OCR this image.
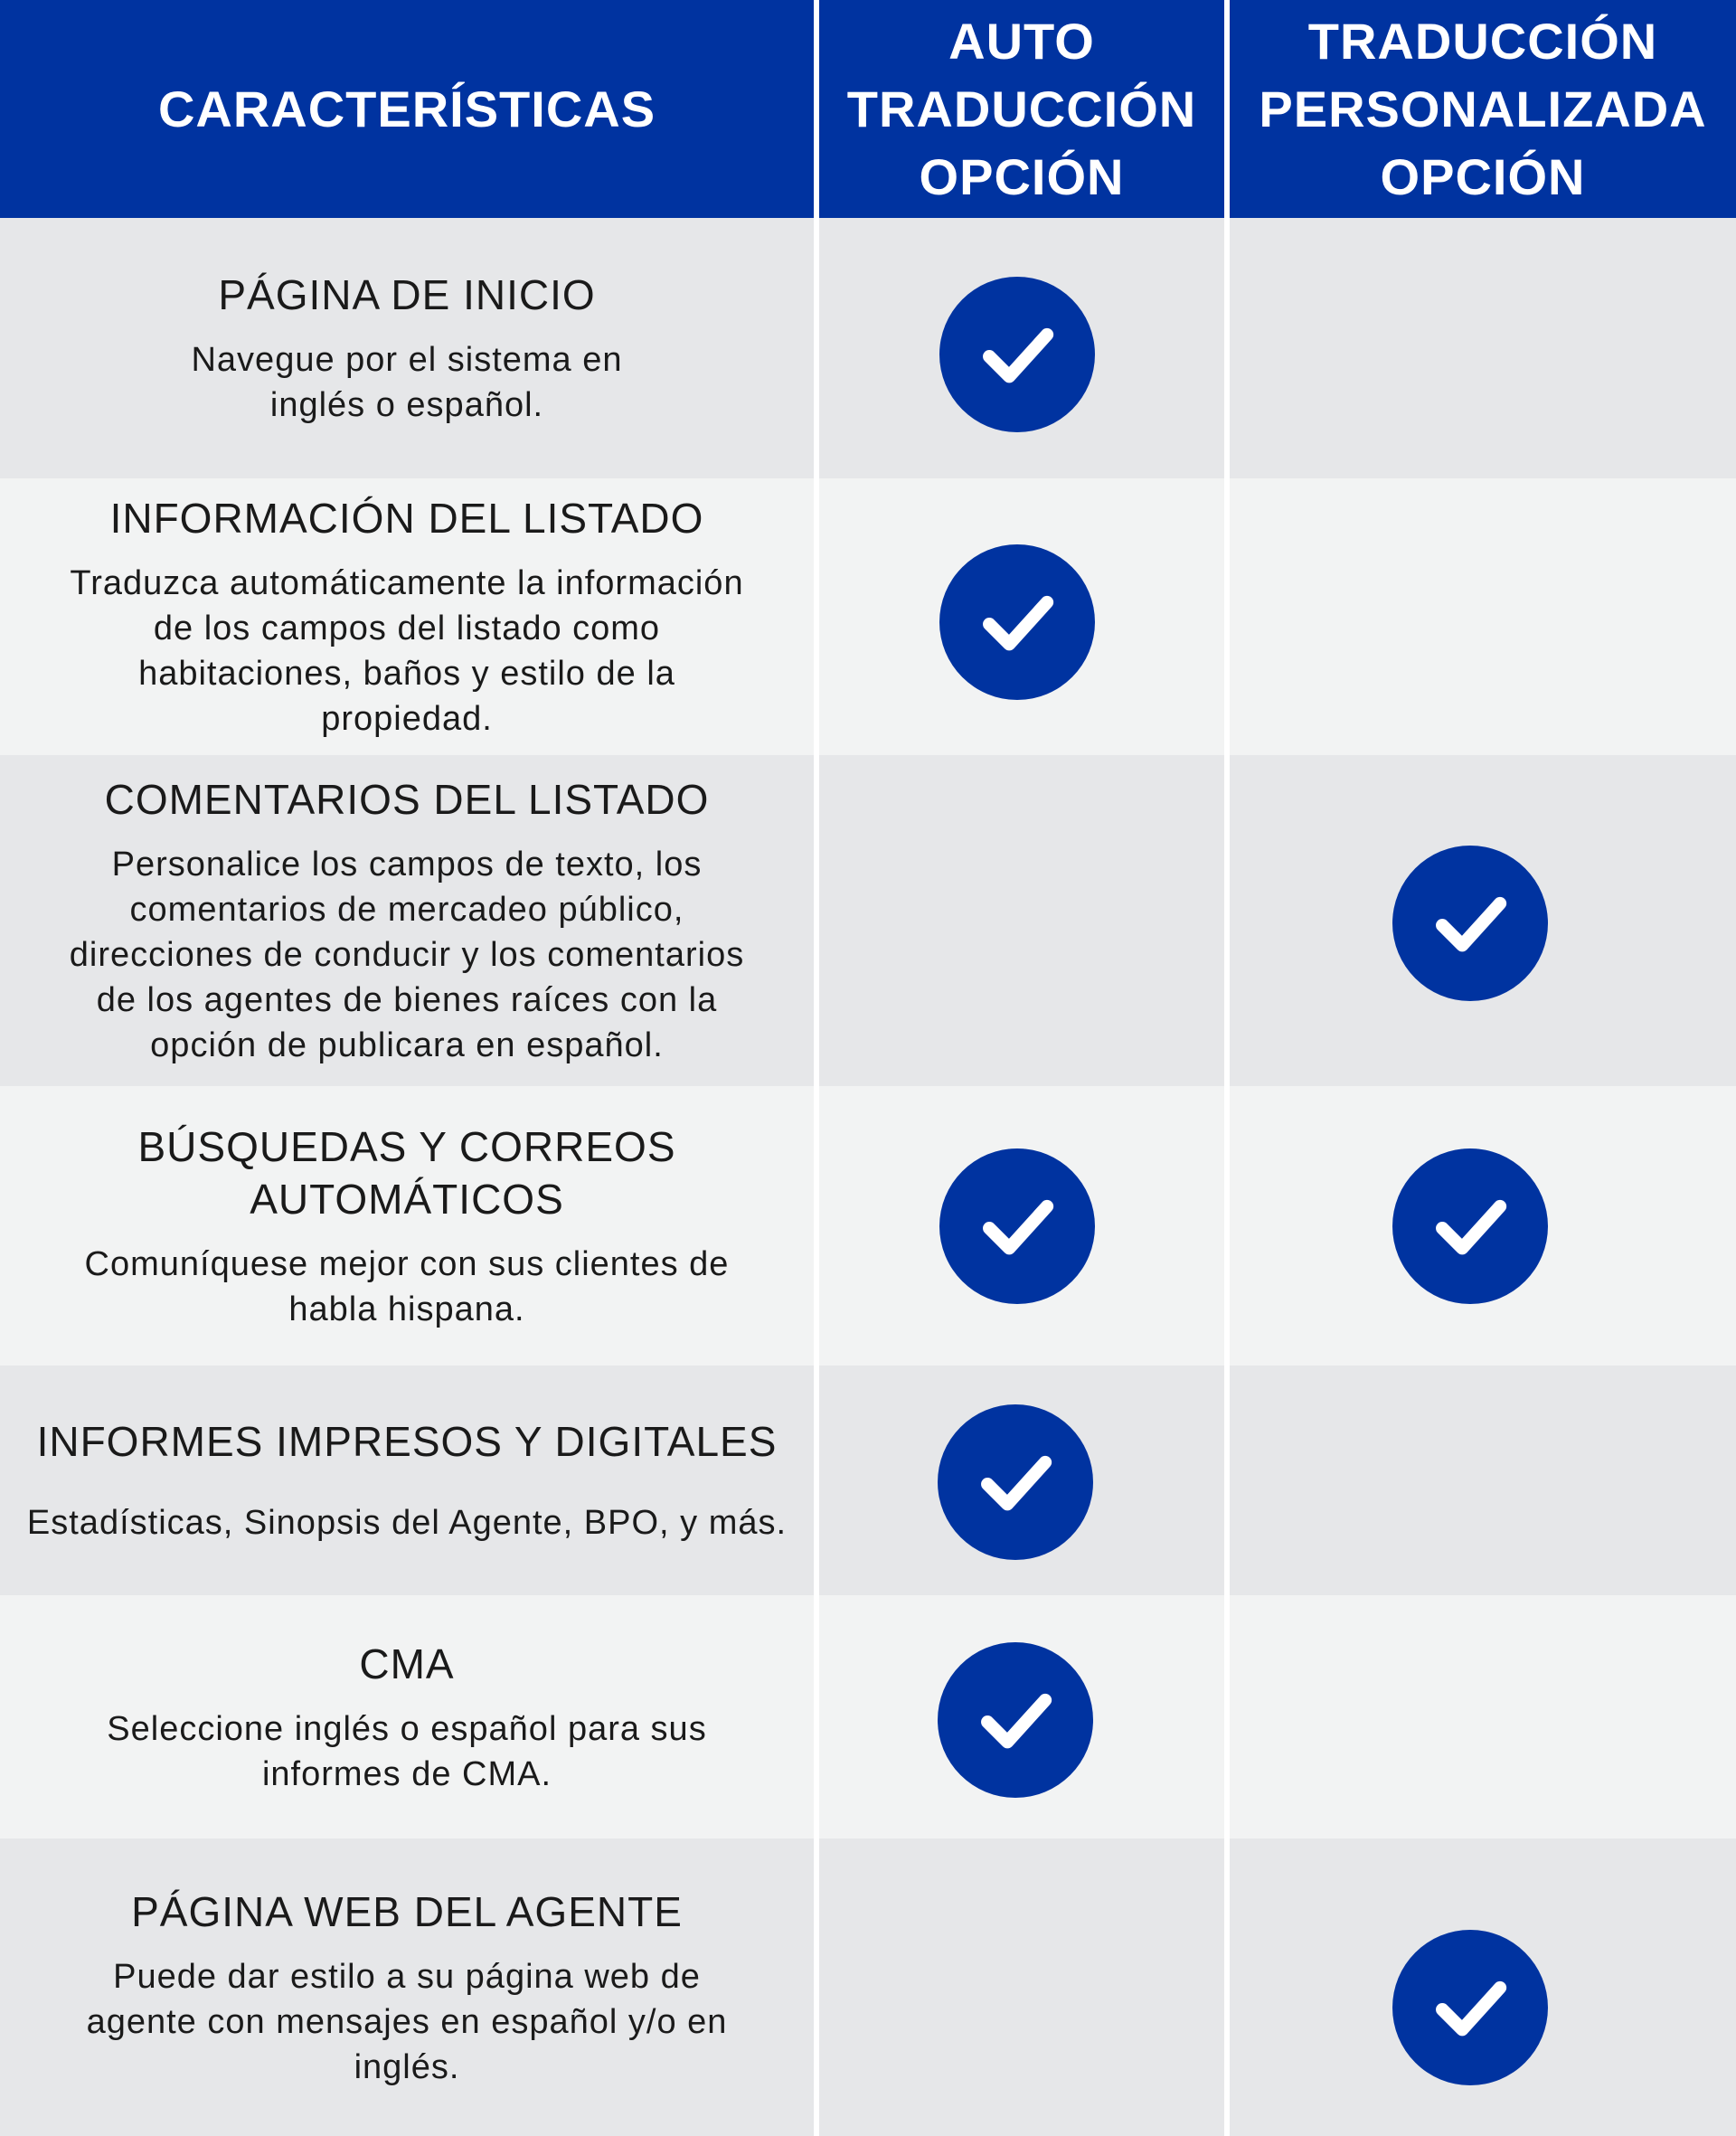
CARACTERÍSTICAS
AUTO
TRADUCCIÓN
OPCIÓN
TRADUCCIÓN
PERSONALIZADA
OPCIÓN
PÁGINA DE INICIO
Navegue por el sistema en
inglés o español.
INFORMACIÓN DEL LISTADO
Traduzca automáticamente la información
de los campos del listado como
habitaciones, baños y estilo de la
propiedad.
COMENTARIOS DEL LISTADO
Personalice los campos de texto, los
comentarios de mercadeo público,
direcciones de conducir y los comentarios
de los agentes de bienes raíces con la
opción de publicara en español.
BÚSQUEDAS Y CORREOS
AUTOMÁTICOS
Comuníquese mejor con sus clientes de
habla hispana.
INFORMES IMPRESOS Y DIGITALES
Estadísticas, Sinopsis del Agente, BPO, y más.
CMA
Seleccione inglés o español para sus
informes de CMA.
PÁGINA WEB DEL AGENTE
Puede dar estilo a su página web de
agente con mensajes en español y/o en
inglés.
